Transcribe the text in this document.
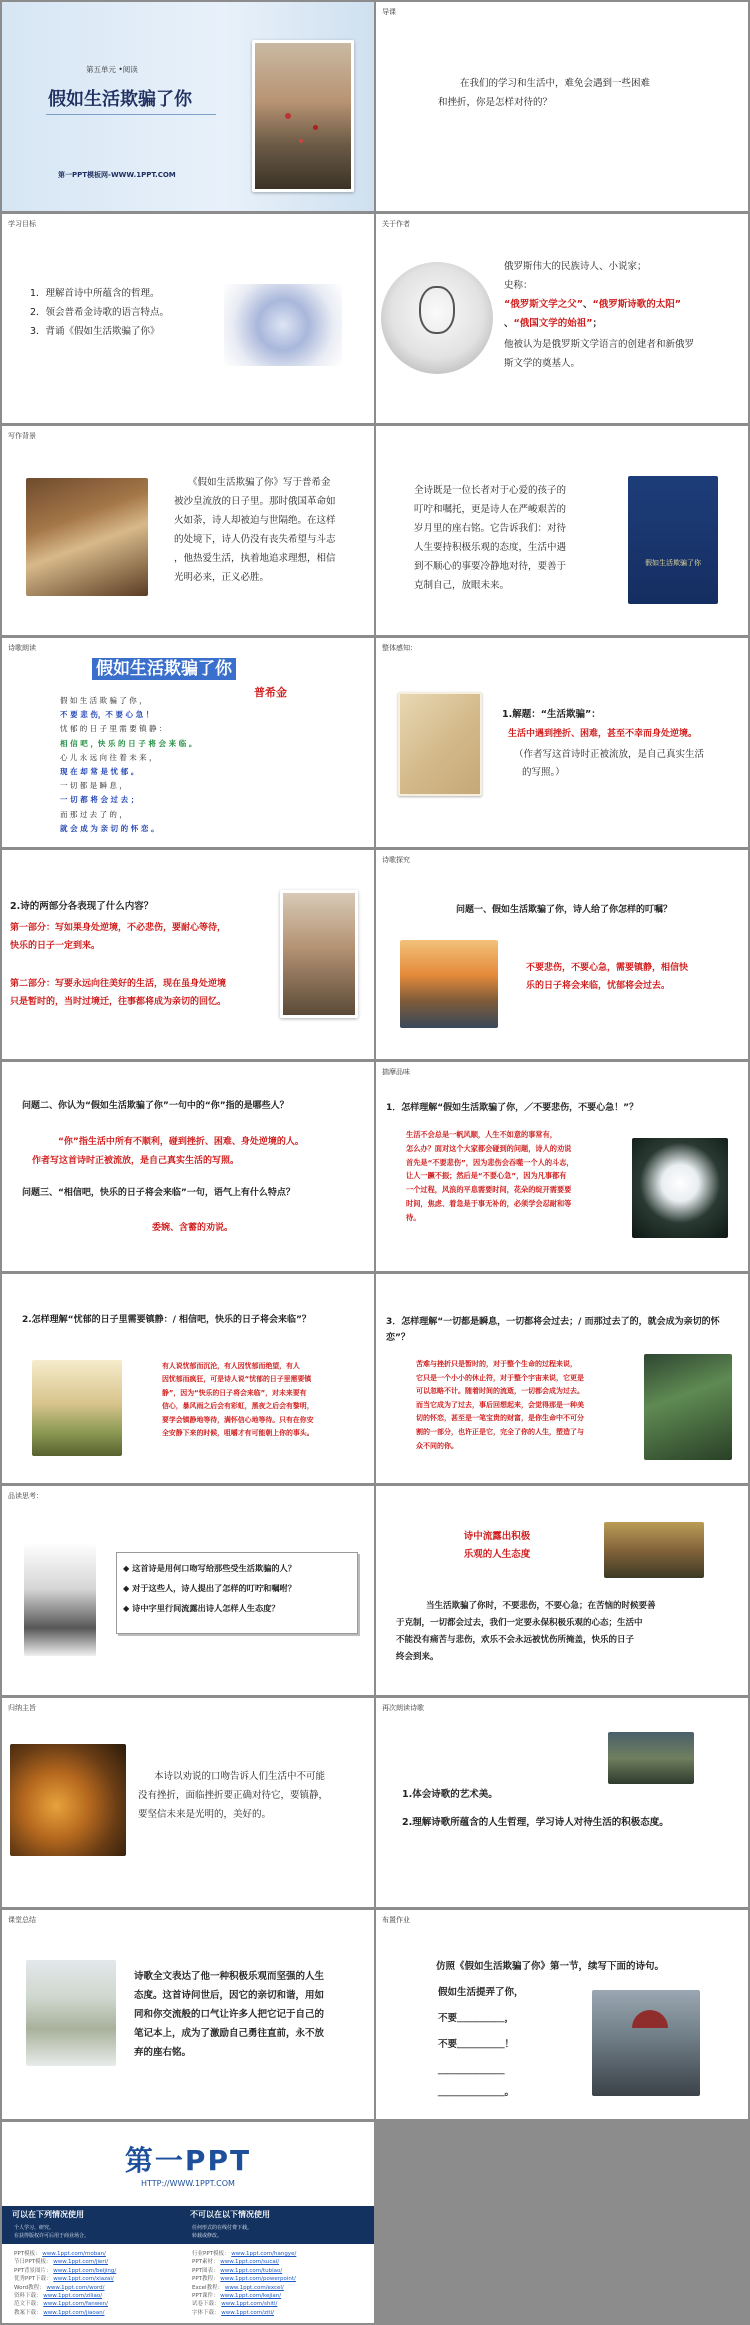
第五单元 •阅读
假如生活欺骗了你
第一PPT模板网-WWW.1PPT.COM
导课
在我们的学习和生活中，难免会遇到一些困难
和挫折，你是怎样对待的？
学习目标
1．理解首诗中所蕴含的哲理。
2．领会普希金诗歌的语言特点。
3．背诵《假如生活欺骗了你》
关于作者
俄罗斯伟大的民族诗人、小说家；
史称：
“俄罗斯文学之父”、“俄罗斯诗歌的太阳”
、“俄国文学的始祖”；
他被认为是俄罗斯文学语言的创建者和新俄罗
斯文学的奠基人。
写作背景
《假如生活欺骗了你》写于普希金
被沙皇流放的日子里。那时俄国革命如
火如荼，诗人却被迫与世隔绝。在这样
的处境下，诗人仍没有丧失希望与斗志
，他热爱生活，执着地追求理想，相信
光明必来，正义必胜。
全诗既是一位长者对于心爱的孩子的
叮咛和嘱托，更是诗人在严峻艰苦的
岁月里的座右铭。它告诉我们：对待
人生要持积极乐观的态度，生活中遇
到不顺心的事要冷静地对待，要善于
克制自己，放眼未来。
假如生活欺骗了你
诗歌朗读
假如生活欺骗了你
普希金
假 如 生 活 欺 骗 了 你 ，
不 要 悲 伤，不 要 心 急 ！
忧 郁 的 日 子 里 需 要 镇 静 ：
相 信 吧 ，快 乐 的 日 子 将 会 来 临 。
心 儿 永 远 向 往 着 未 来 ，
现 在 却 常 是 忧 郁 。
一 切 都 是 瞬 息 ，
一 切 都 将 会 过 去 ；
而 那 过 去 了 的 ，
就 会 成 为 亲 切 的 怀 恋 。
整体感知：
1.解题：“生活欺骗”：
生活中遇到挫折、困难，甚至不幸而身处逆境。
（作者写这首诗时正被流放，是自己真实生活
的写照。）
2.诗的两部分各表现了什么内容？
第一部分：写如果身处逆境，不必悲伤，要耐心等待，
快乐的日子一定到来。
第二部分：写要永远向往美好的生活，现在虽身处逆境
只是暂时的，当时过境迁，往事都将成为亲切的回忆。
诗歌探究
问题一、假如生活欺骗了你，诗人给了你怎样的叮嘱？
不要悲伤，不要心急，需要镇静，相信快
乐的日子将会来临，忧郁将会过去。
问题二、你认为“假如生活欺骗了你”一句中的“你”指的是哪些人？
“你”指生活中所有不顺利，碰到挫折、困难、身处逆境的人。
作者写这首诗时正被流放，是自己真实生活的写照。
问题三、“相信吧，快乐的日子将会来临”一句，语气上有什么特点？
委婉、含蓄的劝说。
揣摩品味
1．怎样理解“假如生活欺骗了你，／不要悲伤，不要心急！”？
生活不会总是一帆风顺，人生不如意的事常有，
怎么办？面对这个大家都会碰到的问题，诗人的劝说
首先是“不要悲伤”，因为悲伤会吞噬一个人的斗志，
让人一蹶不振；然后是“不要心急”，因为凡事都有
一个过程，风浪的平息需要时间，花朵的绽开需要要
时间，焦虑、着急是于事无补的，必须学会忍耐和等
待。
2.怎样理解“忧郁的日子里需要镇静：/ 相信吧，快乐的日子将会来临”？
有人说忧郁而沉沦，有人因忧郁而绝望，有人
因忧郁而疯狂，可是诗人说“忧郁的日子里需要镇
静”，因为“快乐的日子将会来临”，对未来要有
信心，暴风雨之后会有彩虹，黑夜之后会有黎明，
要学会镇静地等待，满怀信心地等待。只有在你安
全安静下来的时候，咀嚼才有可能朝上你的事头。
3．怎样理解“一切都是瞬息，一切都将会过去；/ 而那过去了的，就会成为亲切的怀恋”？
苦难与挫折只是暂时的，对于整个生命的过程来说，
它只是一个小小的休止符，对于整个宇宙来说，它更是
可以忽略不计。随着时间的流逝，一切都会成为过去。
而当它成为了过去，事后回想起来，会觉得那是一种美
切的怀恋，甚至是一笔宝贵的财富，是你生命中不可分
割的一部分，也许正是它，完全了你的人生，塑造了与
众不同的你。
品读思考：
◆ 这首诗是用何口吻写给那些受生活欺骗的人？
◆ 对于这些人，诗人提出了怎样的叮咛和嘱咐？
◆ 诗中字里行间流露出诗人怎样人生态度？
诗中流露出积极
乐观的人生态度
当生活欺骗了你时，不要悲伤，不要心急；在苦恼的时候要善
于克制，一切都会过去，我们一定要永保积极乐观的心态；生活中
不能没有痛苦与悲伤，欢乐不会永远被忧伤所掩盖，快乐的日子
终会到来。
归纳主旨
本诗以劝说的口吻告诉人们生活中不可能
没有挫折，面临挫折要正确对待它，要镇静，
要坚信未来是光明的，美好的。
再次朗读诗歌
1.体会诗歌的艺术美。
2.理解诗歌所蕴含的人生哲理，学习诗人对待生活的积极态度。
课堂总结
诗歌全文表达了他一种积极乐观而坚强的人生
态度。这首诗问世后，因它的亲切和谐，用如
同和你交流般的口气让许多人把它记于自己的
笔记本上，成为了激励自己勇往直前，永不放
弃的座右铭。
布置作业
仿照《假如生活欺骗了你》第一节，续写下面的诗句。
假如生活提弄了你，
不要＿＿＿＿＿，
不要＿＿＿＿＿！
＿＿＿＿＿＿＿
＿＿＿＿＿＿＿。
第一PPT
HTTP://WWW.1PPT.COM
可以在下列情况使用
个人学习、研究。
在获得版权许可后用于商业场合。
不可以在以下情况使用
任何形式的在线付费下载。
转载或修改。
PPT模板： www.1ppt.com/moban/
节日PPT模板： www.1ppt.com/jieri/
PPT背景图片： www.1ppt.com/beijing/
优秀PPT下载： www.1ppt.com/xiazai/
Word教程： www.1ppt.com/word/
资料下载： www.1ppt.com/ziliao/
范文下载： www.1ppt.com/fanwen/
教案下载： www.1ppt.com/jiaoan/
行业PPT模板： www.1ppt.com/hangye/
PPT素材： www.1ppt.com/sucai/
PPT图表： www.1ppt.com/tubiao/
PPT教程： www.1ppt.com/powerpoint/
Excel教程： www.1ppt.com/excel/
PPT课件： www.1ppt.com/kejian/
试卷下载： www.1ppt.com/shiti/
字体下载： www.1ppt.com/ziti/
